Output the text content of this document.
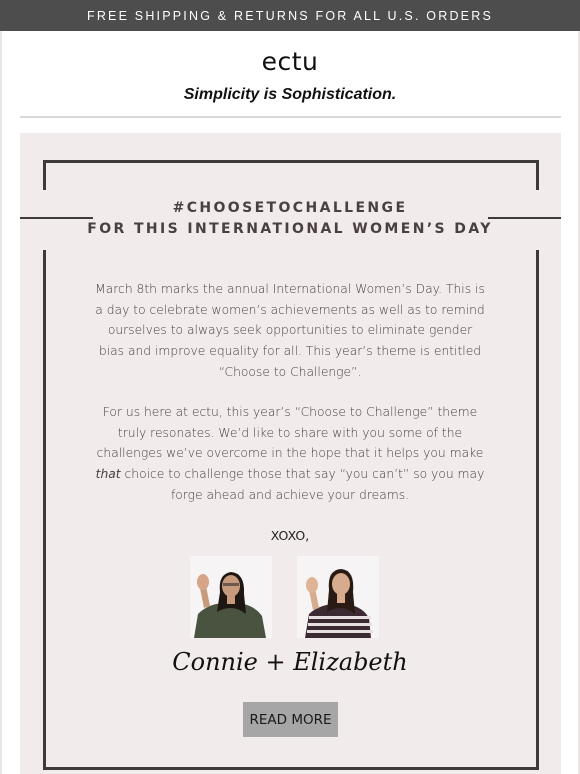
FREE SHIPPING & RETURNS FOR ALL U.S. ORDERS
ectu
Simplicity is Sophistication.
#CHOOSETOCHALLENGE
FOR THIS INTERNATIONAL WOMEN’S DAY

March 8th marks the annual International Women’s Day. This is a day to celebrate women’s achievements as well as to remind ourselves to always seek opportunities to eliminate gender bias and improve equality for all. This year’s theme is entitled “Choose to Challenge”.

For us here at ectu, this year’s “Choose to Challenge” theme truly resonates. We’d like to share with you some of the challenges we’ve overcome in the hope that it helps you make that choice to challenge those that say “you can’t” so you may forge ahead and achieve your dreams.

XOXO,
Connie + Elizabeth
READ MORE
